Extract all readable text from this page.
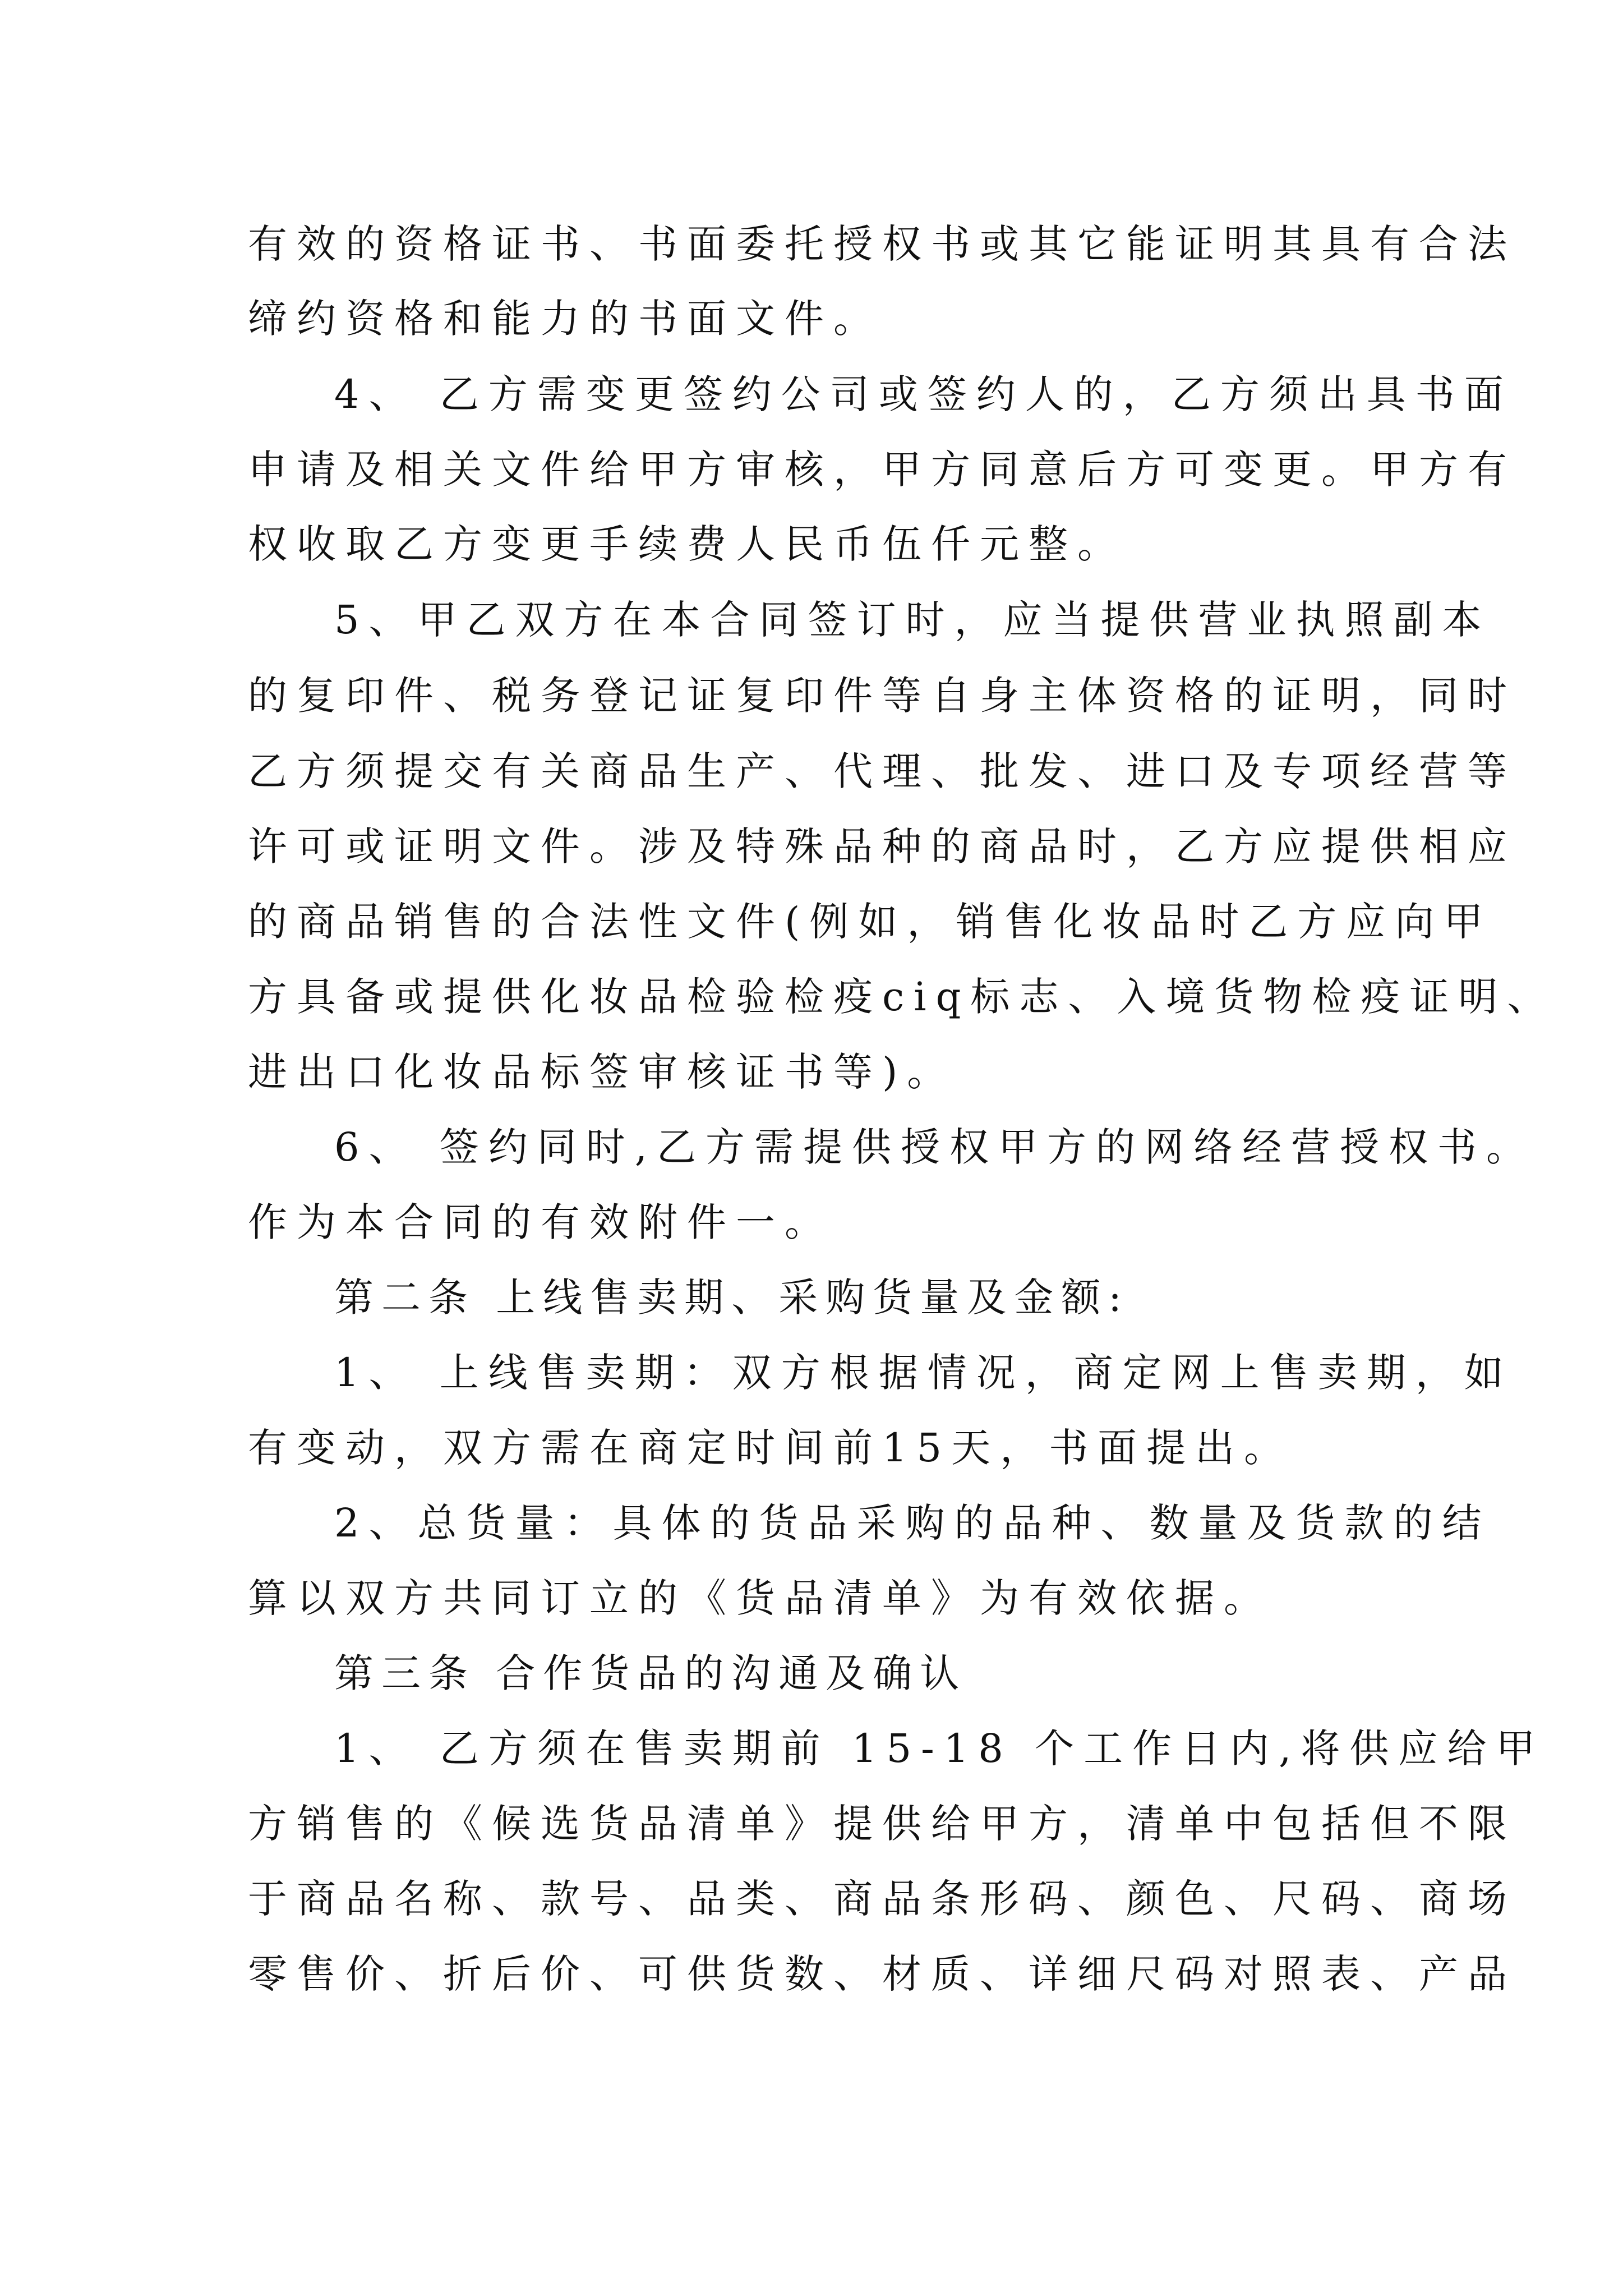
有效的资格证书、书面委托授权书或其它能证明其具有合法
缔约资格和能力的书面文件。
4、 乙方需变更签约公司或签约人的，乙方须出具书面
申请及相关文件给甲方审核，甲方同意后方可变更。甲方有
权收取乙方变更手续费人民币伍仟元整。
5、甲乙双方在本合同签订时，应当提供营业执照副本
的复印件、税务登记证复印件等自身主体资格的证明，同时
乙方须提交有关商品生产、代理、批发、进口及专项经营等
许可或证明文件。涉及特殊品种的商品时，乙方应提供相应
的商品销售的合法性文件(例如，销售化妆品时乙方应向甲
方具备或提供化妆品检验检疫ciq标志、入境货物检疫证明、
进出口化妆品标签审核证书等)。
6、 签约同时,乙方需提供授权甲方的网络经营授权书。
作为本合同的有效附件一。
第二条 上线售卖期、采购货量及金额:
1、 上线售卖期：双方根据情况，商定网上售卖期，如
有变动，双方需在商定时间前15天，书面提出。
2、总货量：具体的货品采购的品种、数量及货款的结
算以双方共同订立的《货品清单》为有效依据。
第三条 合作货品的沟通及确认
1、 乙方须在售卖期前 15-18 个工作日内,将供应给甲
方销售的《候选货品清单》提供给甲方，清单中包括但不限
于商品名称、款号、品类、商品条形码、颜色、尺码、商场
零售价、折后价、可供货数、材质、详细尺码对照表、产品
